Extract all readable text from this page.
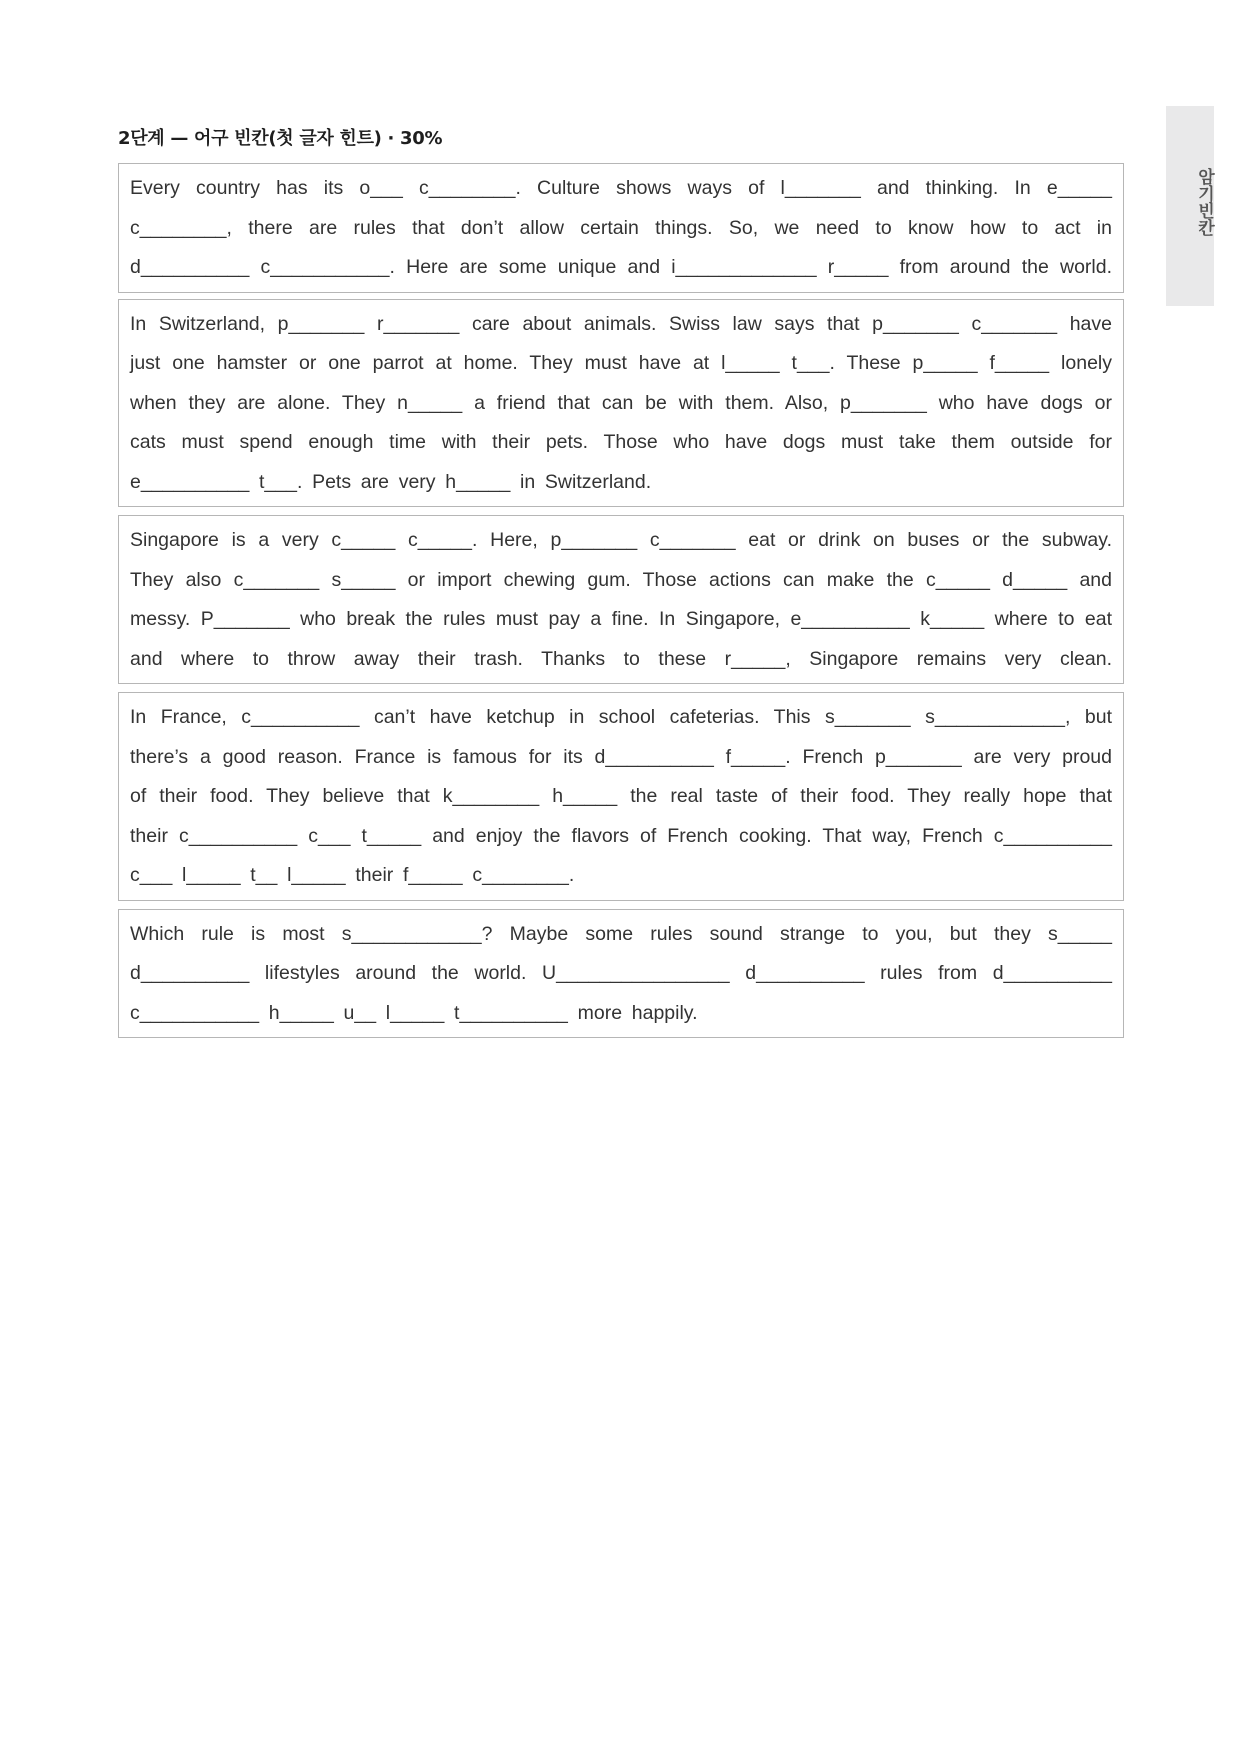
2단계 — 어구 빈칸(첫 글자 힌트) · 30%
암기빈칸
Every country has its o___ c________. Culture shows ways of l_______ and thinking. In e_____
c________, there are rules that don’t allow certain things. So, we need to know how to act in
d__________ c___________. Here are some unique and i_____________ r_____ from around the world.
In Switzerland, p_______ r_______ care about animals. Swiss law says that p_______ c_______ have
just one hamster or one parrot at home. They must have at l_____ t___. These p_____ f_____ lonely
when they are alone. They n_____ a friend that can be with them. Also, p_______ who have dogs or
cats must spend enough time with their pets. Those who have dogs must take them outside for
e__________ t___. Pets are very h_____ in Switzerland.
Singapore is a very c_____ c_____. Here, p_______ c_______ eat or drink on buses or the subway.
They also c_______ s_____ or import chewing gum. Those actions can make the c_____ d_____ and
messy. P_______ who break the rules must pay a fine. In Singapore, e__________ k_____ where to eat
and where to throw away their trash. Thanks to these r_____, Singapore remains very clean.
In France, c__________ can’t have ketchup in school cafeterias. This s_______ s____________, but
there’s a good reason. France is famous for its d__________ f_____. French p_______ are very proud
of their food. They believe that k________ h_____ the real taste of their food. They really hope that
their c__________ c___ t_____ and enjoy the flavors of French cooking. That way, French c__________
c___ l_____ t__ l_____ their f_____ c________.
Which rule is most s____________? Maybe some rules sound strange to you, but they s_____
d__________ lifestyles around the world. U________________ d__________ rules from d__________
c___________ h_____ u__ l_____ t__________ more happily.
